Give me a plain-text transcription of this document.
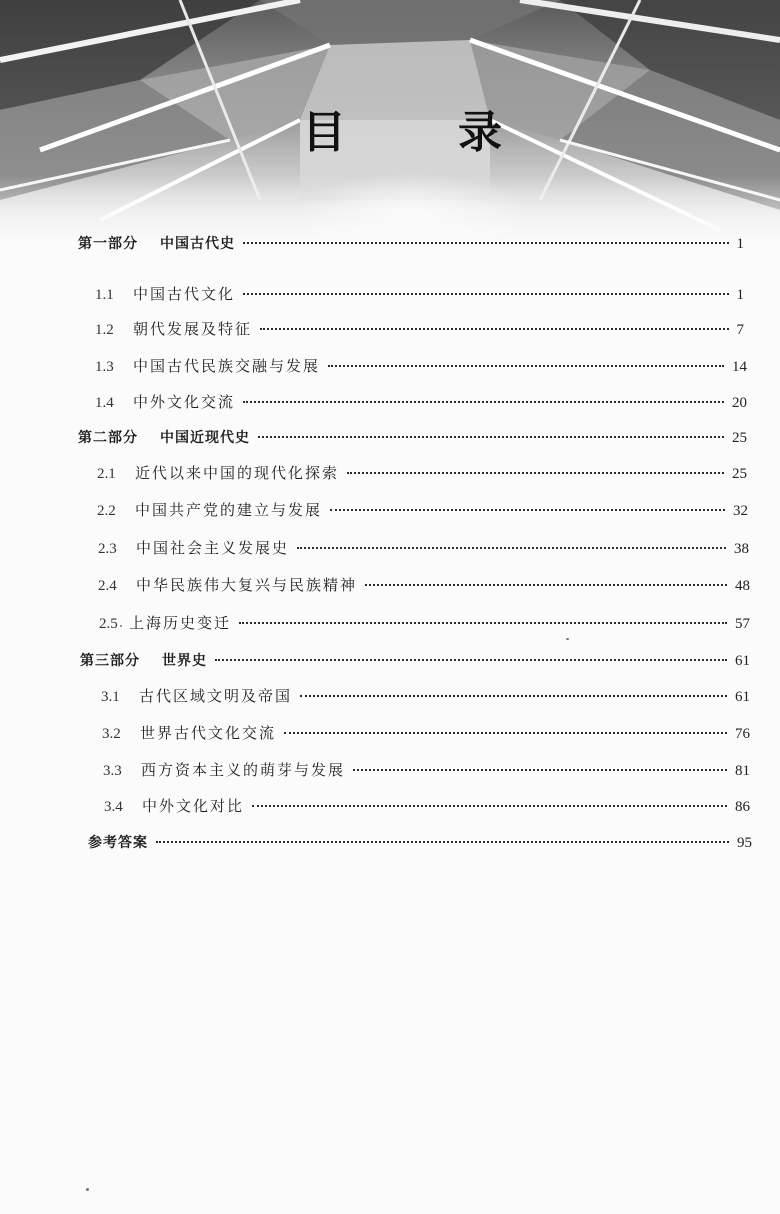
目	录
第一部分 中国古代史	1
1.1	中国古代文化	1
1.2	朝代发展及特征	7
1.3	中国古代民族交融与发展	14
1.4	中外文化交流	20
第二部分 中国近现代史	25
2.1	近代以来中国的现代化探索	25
2.2	中国共产党的建立与发展	32
2.3	中国社会主义发展史	38
2.4	中华民族伟大复兴与民族精神	48
2.5 上海历史变迁	57
第三部分 世界史	61
3.1	古代区域文明及帝国	61
3.2	世界古代文化交流	76
3.3	西方资本主义的萌芽与发展	81
3.4	中外文化对比	86
参考答案	95
